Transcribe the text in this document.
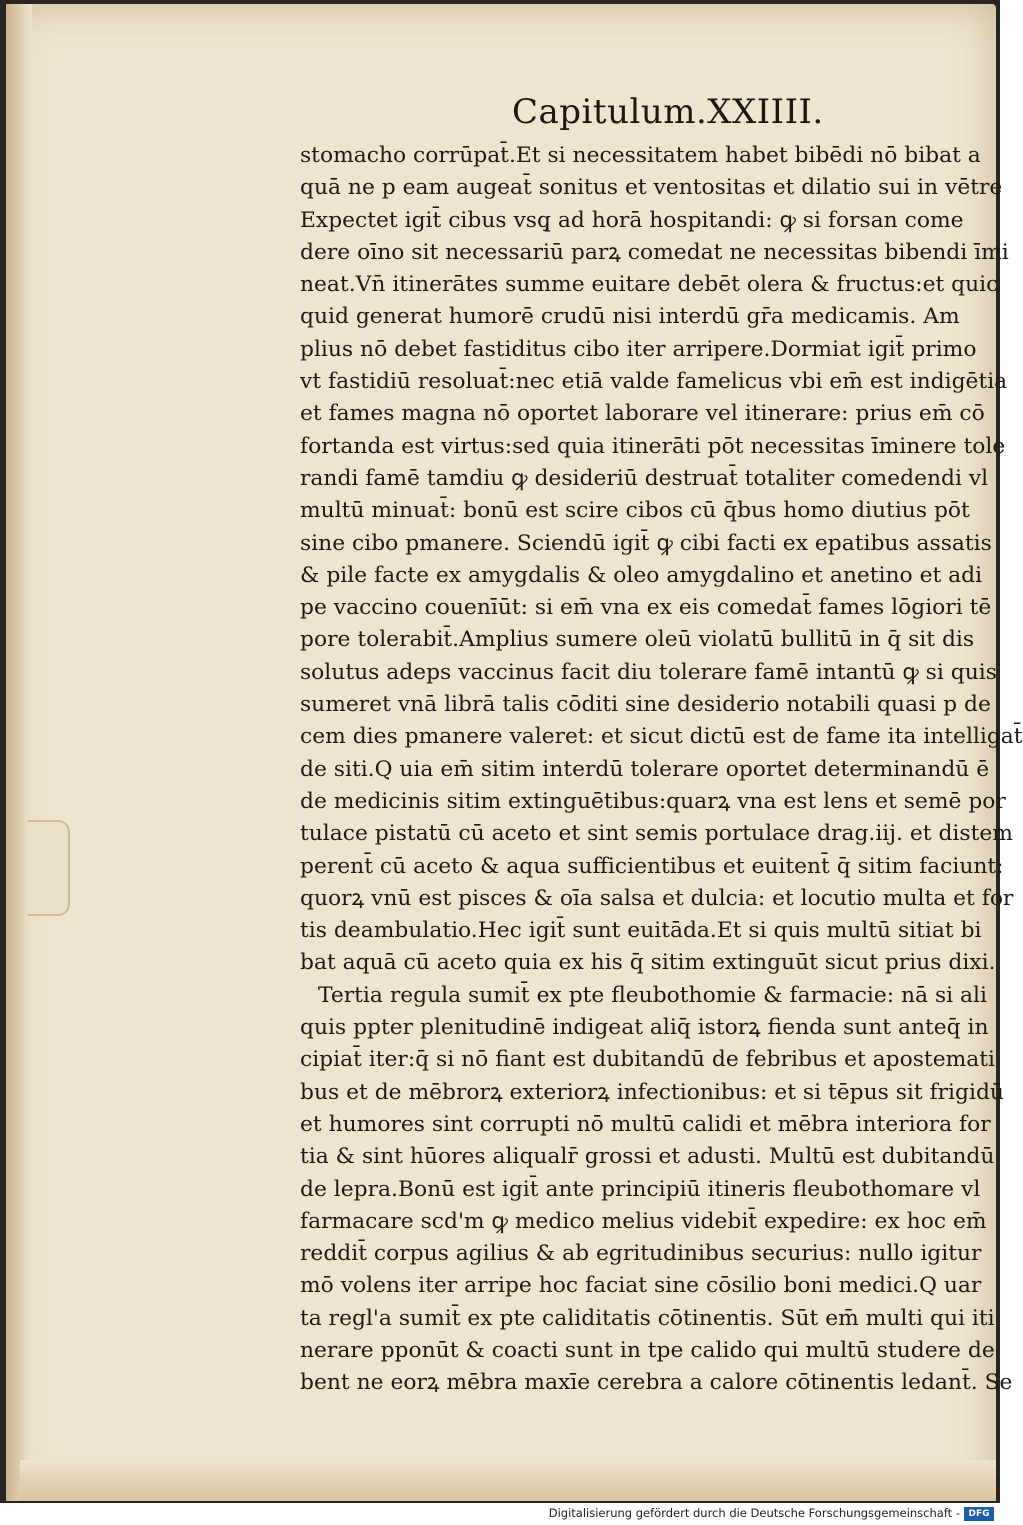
Capitulum.XXIIII.
stomacho corrūpat̄.Et si necessitatem habet bibēdi nō bibat a
quā ne p eam augeat̄ sonitus et ventositas et dilatio sui in vētre
Expectet igit̄ cibus vsq̧ ad horā hospitandi: ꝙ si forsan come
dere oīno sit necessariū parꝝ comedat ne necessitas bibendi īmi
neat.Vn̄ itinerātes summe euitare debēt olera & fructus:et quic
quid generat humorē crudū nisi interdū gr̄a medicamis. Am
plius nō debet fastiditus cibo iter arripere.Dormiat igit̄ primo
vt fastidiū resoluat̄:nec etiā valde famelicus vbi em̄ est indigētia
et fames magna nō oportet laborare vel itinerare: prius em̄ cō
fortanda est virtus:sed quia itinerāti pōt necessitas īminere tole
randi famē tamdiu ꝙ desideriū destruat̄ totaliter comedendi vl
multū minuat̄: bonū est scire cibos cū q̄bus homo diutius pōt
sine cibo pmanere. Sciendū igit̄ ꝙ cibi facti ex epatibus assatis
& pile facte ex amygdalis & oleo amygdalino et anetino et adi
pe vaccino couenīūt: si em̄ vna ex eis comedat̄ fames lōgiori tē
pore tolerabit̄.Amplius sumere oleū violatū bullitū in q̄ sit dis
solutus adeps vaccinus facit diu tolerare famē intantū ꝙ si quis
sumeret vnā librā talis cōditi sine desiderio notabili quasi p de
cem dies pmanere valeret: et sicut dictū est de fame ita intelligat̄
de siti.Q uia em̄ sitim interdū tolerare oportet determinandū ē
de medicinis sitim extinguētibus:quarꝝ vna est lens et semē por
tulace pistatū cū aceto et sint semis portulace drag.iij. et distem
perent̄ cū aceto & aqua sufficientibus et euitent̄ q̄ sitim faciunt:
quorꝝ vnū est pisces & oīa salsa et dulcia: et locutio multa et for
tis deambulatio.Hec igit̄ sunt euitāda.Et si quis multū sitiat bi
bat aquā cū aceto quia ex his q̄ sitim extinguūt sicut prius dixi.
Tertia regula sumit̄ ex pte fleubothomie & farmacie: nā si ali
quis ppter plenitudinē indigeat aliq̄ istorꝝ fienda sunt anteq̄ in
cipiat̄ iter:q̄ si nō fiant est dubitandū de febribus et apostemati
bus et de mēbrorꝝ exteriorꝝ infectionibus: et si tēpus sit frigidū
et humores sint corrupti nō multū calidi et mēbra interiora for
tia & sint hūores aliqualr̄ grossi et adusti. Multū est dubitandū
de lepra.Bonū est igit̄ ante principiū itineris fleubothomare vl
farmacare scd'm ꝙ medico melius videbit̄ expedire: ex hoc em̄
reddit̄ corpus agilius & ab egritudinibus securius: nullo igitur
mō volens iter arripe hoc faciat sine cōsilio boni medici.Q uar
ta regl'a sumit̄ ex pte caliditatis cōtinentis. Sūt em̄ multi qui iti
nerare pponūt & coacti sunt in tpe calido qui multū studere de
bent ne eorꝝ mēbra maxīe cerebra a calore cōtinentis ledant̄. Se
Digitalisierung gefördert durch die Deutsche Forschungsgemeinschaft - DFG
